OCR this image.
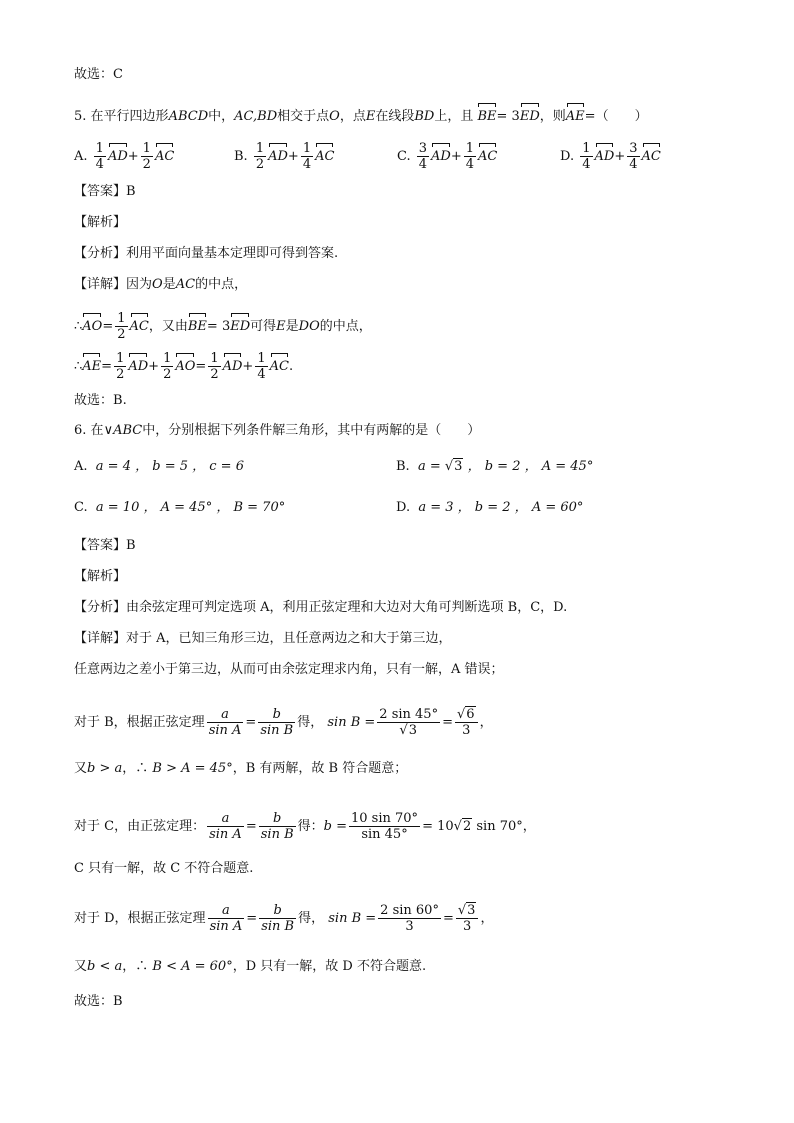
故选：C
5. 在平行四边形ABCD中，AC,BD相交于点O，点E在线段BD上，且 BE= 3ED，则AE=（　　）
A. $\frac{1}{4} AD+ \frac{1}{2}$ AC	B. $\frac{1}{2} AD+ \frac{1}{4}$ AC	C. $\frac{3}{4} AD+ \frac{1}{4}$ AC	D. $\frac{1}{4} AD+ \frac{3}{4}$ AC
【答案】B
【解析】
【分析】利用平面向量基本定理即可得到答案.
【详解】因为O是AC的中点，
∴AO= $\frac{1}{2}$ AC，又由BE= 3ED可得E是DO的中点，
∴AE= $\frac{1}{2} AD+ \frac{1}{2} AO= \frac{1}{2} AD+ \frac{1}{4}$ AC.
故选：B.
6. 在∨ABC中，分别根据下列条件解三角形，其中有两解的是（　　）
A. a = 4 ， b = 5 ， c = 6	B. a = √3 ， b = 2 ， A = 45°
C. a = 10 ， A = 45° ， B = 70°	D. a = 3 ， b = 2 ， A = 60°
【答案】B
【解析】
【分析】由余弦定理可判定选项 A，利用正弦定理和大边对大角可判断选项 B，C，D.
【详解】对于 A，已知三角形三边，且任意两边之和大于第三边，
任意两边之差小于第三边，从而可由余弦定理求内角，只有一解，A 错误；
对于 B，根据正弦定理 $\frac{a}{\text{sin A}} = \frac{b}{\text{sin B}}$ 得， $\sin B = \frac{2 \sin 45^\circ}{√3} = \frac{√6}{3}$ ，
又b > a，∴ B > A = 45°，B 有两解，故 B 符合题意；
对于 C，由正弦定理： $\frac{a}{\text{sin A}} = \frac{b}{\text{sin B}}$ 得：$b = \frac{10 \sin 70^\circ}{\sin 45^\circ} = 10√2$ sin 70°，
C 只有一解，故 C 不符合题意.
对于 D，根据正弦定理 $\frac{a}{\text{sin A}} = \frac{b}{\text{sin B}}$ 得， $\sin B = \frac{2 \sin 60^\circ}{3} = \frac{√3}{3}$ ，
又b < a，∴ B < A = 60°，D 只有一解，故 D 不符合题意.
故选：B
